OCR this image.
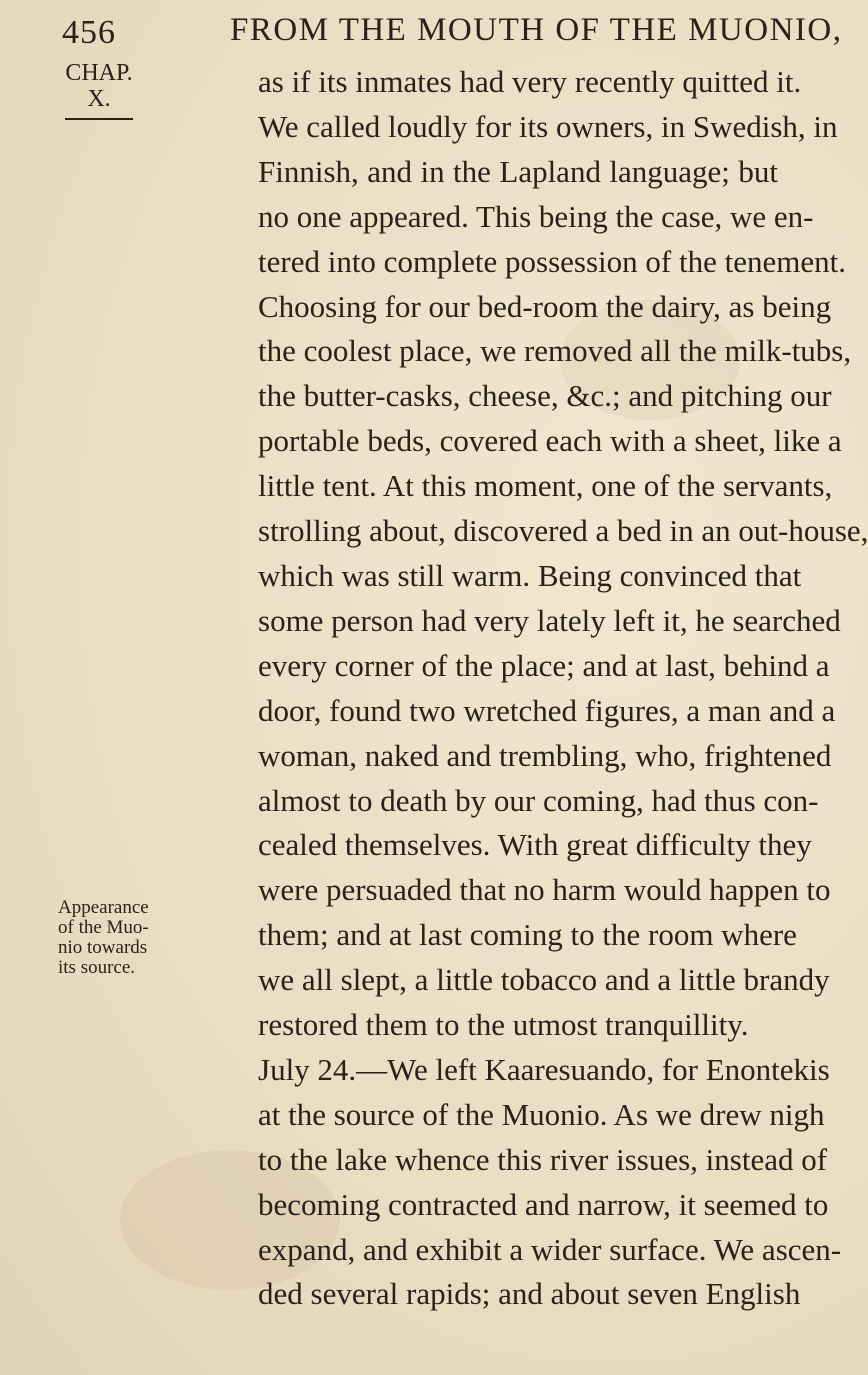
456	FROM THE MOUTH OF THE MUONIO,
CHAP.
X.	as if its inmates had very recently quitted it.
We called loudly for its owners, in Swedish, in
Finnish, and in the Lapland language; but
no one appeared. This being the case, we en-
tered into complete possession of the tenement.
Choosing for our bed-room the dairy, as being
the coolest place, we removed all the milk-tubs,
the butter-casks, cheese, &c.; and pitching our
portable beds, covered each with a sheet, like a
little tent. At this moment, one of the servants,
strolling about, discovered a bed in an out-house,
which was still warm. Being convinced that
some person had very lately left it, he searched
every corner of the place; and at last, behind a
door, found two wretched figures, a man and a
woman, naked and trembling, who, frightened
almost to death by our coming, had thus con-
cealed themselves. With great difficulty they
were persuaded that no harm would happen to
them; and at last coming to the room where
we all slept, a little tobacco and a little brandy
restored them to the utmost tranquillity.
July 24.—We left Kaaresuando, for Enontekis
at the source of the Muonio. As we drew nigh
to the lake whence this river issues, instead of
becoming contracted and narrow, it seemed to
expand, and exhibit a wider surface. We ascen-
ded several rapids; and about seven English
Appearance
of the Muo-
nio towards
its source.
